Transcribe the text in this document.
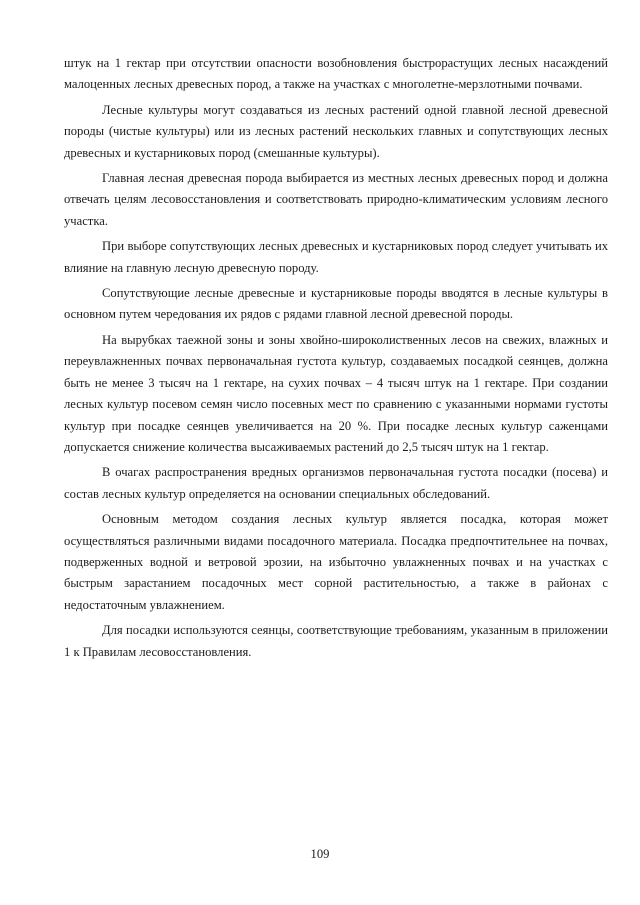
штук на 1 гектар при отсутствии опасности возобновления быстрорастущих лесных насаждений малоценных лесных древесных пород, а также на участках с многолетне-мерзлотными почвами.

Лесные культуры могут создаваться из лесных растений одной главной лесной древесной породы (чистые культуры) или из лесных растений нескольких главных и сопутствующих лесных древесных и кустарниковых пород (смешанные культуры).

Главная лесная древесная порода выбирается из местных лесных древесных пород и должна отвечать целям лесовосстановления и соответствовать природно-климатическим условиям лесного участка.

При выборе сопутствующих лесных древесных и кустарниковых пород следует учитывать их влияние на главную лесную древесную породу.

Сопутствующие лесные древесные и кустарниковые породы вводятся в лесные культуры в основном путем чередования их рядов с рядами главной лесной древесной породы.

На вырубках таежной зоны и зоны хвойно-широколиственных лесов на свежих, влажных и переувлажненных почвах первоначальная густота культур, создаваемых посадкой сеянцев, должна быть не менее 3 тысяч на 1 гектаре, на сухих почвах – 4 тысяч штук на 1 гектаре. При создании лесных культур посевом семян число посевных мест по сравнению с указанными нормами густоты культур при посадке сеянцев увеличивается на 20 %. При посадке лесных культур саженцами допускается снижение количества высаживаемых растений до 2,5 тысяч штук на 1 гектар.

В очагах распространения вредных организмов первоначальная густота посадки (посева) и состав лесных культур определяется на основании специальных обследований.

Основным методом создания лесных культур является посадка, которая может осуществляться различными видами посадочного материала. Посадка предпочтительнее на почвах, подверженных водной и ветровой эрозии, на избыточно увлажненных почвах и на участках с быстрым зарастанием посадочных мест сорной растительностью, а также в районах с недостаточным увлажнением.

Для посадки используются сеянцы, соответствующие требованиям, указанным в приложении 1 к Правилам лесовосстановления.

109
